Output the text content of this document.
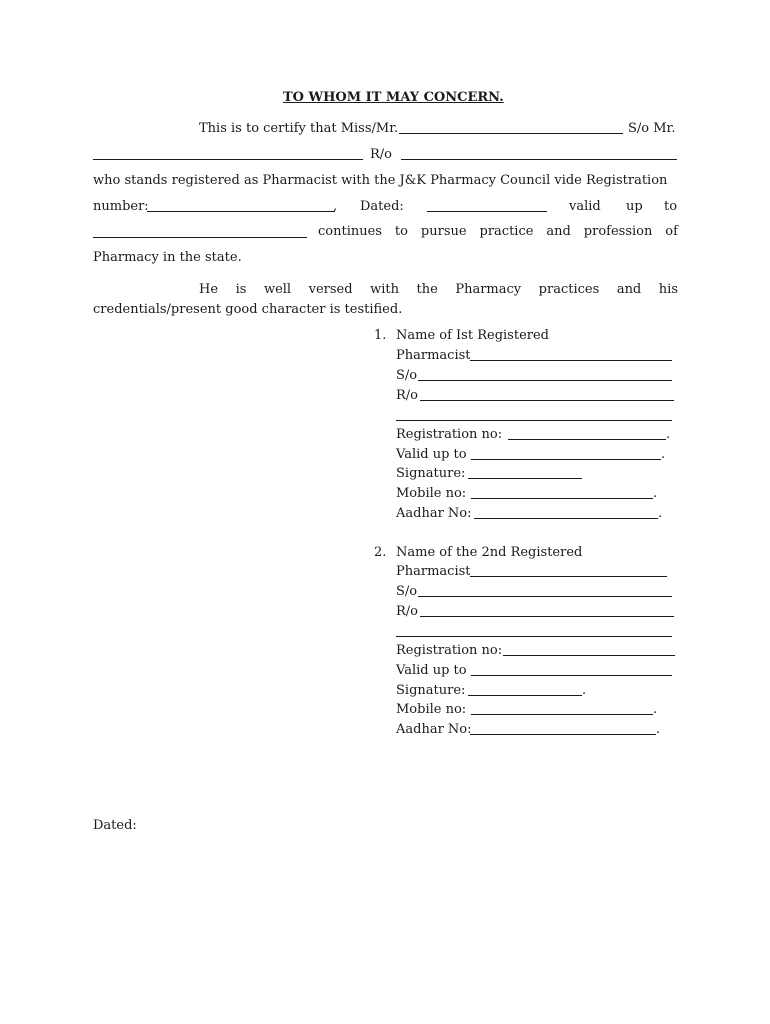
TO WHOM IT MAY CONCERN.
This is to certify that Miss/Mr.	S/o Mr.
R/o
who stands registered as Pharmacist with the J&K Pharmacy Council vide Registration
number:	, Dated:	valid up to
continues to pursue practice and profession of
Pharmacy in the state.
He is well versed with the Pharmacy practices and his
credentials/present good character is testified.
1. Name of Ist Registered
Pharmacist
S/o
R/o
Registration no:	.
Valid up to	.
Signature:
Mobile no:	.
Aadhar No:	.
2. Name of the 2nd Registered
Pharmacist
S/o
R/o
Registration no:
Valid up to
Signature:	.
Mobile no:	.
Aadhar No:	.
Dated:
